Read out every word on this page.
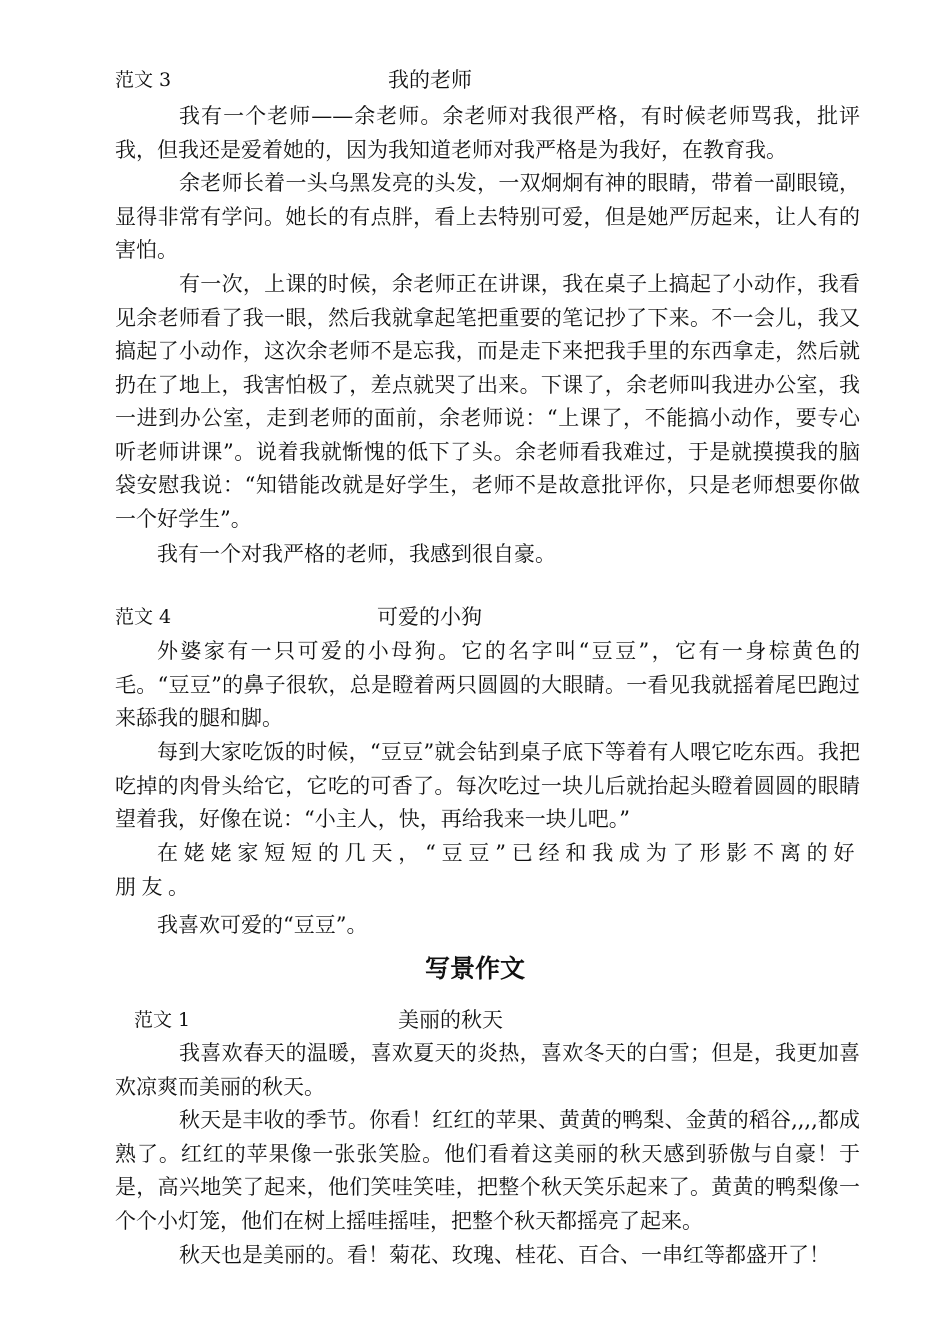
范文 3	我的老师

我有一个老师——余老师。余老师对我很严格，有时候老师骂我，批评我，但我还是爱着她的，因为我知道老师对我严格是为我好，在教育我。

余老师长着一头乌黑发亮的头发，一双炯炯有神的眼睛，带着一副眼镜，显得非常有学问。她长的有点胖，看上去特别可爱，但是她严厉起来，让人有的害怕。

有一次，上课的时候，余老师正在讲课，我在桌子上搞起了小动作，我看见余老师看了我一眼，然后我就拿起笔把重要的笔记抄了下来。不一会儿，我又搞起了小动作，这次余老师不是忘我，而是走下来把我手里的东西拿走，然后就扔在了地上，我害怕极了，差点就哭了出来。下课了，余老师叫我进办公室，我一进到办公室，走到老师的面前，余老师说：“上课了，不能搞小动作，要专心听老师讲课”。说着我就惭愧的低下了头。余老师看我难过，于是就摸摸我的脑袋安慰我说：“知错能改就是好学生，老师不是故意批评你，只是老师想要你做一个好学生”。

我有一个对我严格的老师，我感到很自豪。

范文 4	可爱的小狗

外婆家有一只可爱的小母狗。它的名字叫“豆豆”，它有一身棕黄色的毛。“豆豆”的鼻子很软，总是瞪着两只圆圆的大眼睛。一看见我就摇着尾巴跑过来舔我的腿和脚。

每到大家吃饭的时候，“豆豆”就会钻到桌子底下等着有人喂它吃东西。我把吃掉的肉骨头给它，它吃的可香了。每次吃过一块儿后就抬起头瞪着圆圆的眼睛望着我，好像在说：“小主人，快，再给我来一块儿吧。”

在姥姥家短短的几天，“豆豆”已经和我成为了形影不离的好朋友。

我喜欢可爱的“豆豆”。

写景作文
范文 1	美丽的秋天

我喜欢春天的温暖，喜欢夏天的炎热，喜欢冬天的白雪；但是，我更加喜欢凉爽而美丽的秋天。

秋天是丰收的季节。你看！红红的苹果、黄黄的鸭梨、金黄的稻谷,,,,都成熟了。红红的苹果像一张张笑脸。他们看着这美丽的秋天感到骄傲与自豪！于是，高兴地笑了起来，他们笑哇笑哇，把整个秋天笑乐起来了。黄黄的鸭梨像一个个小灯笼，他们在树上摇哇摇哇，把整个秋天都摇亮了起来。

秋天也是美丽的。看！菊花、玫瑰、桂花、百合、一串红等都盛开了！
